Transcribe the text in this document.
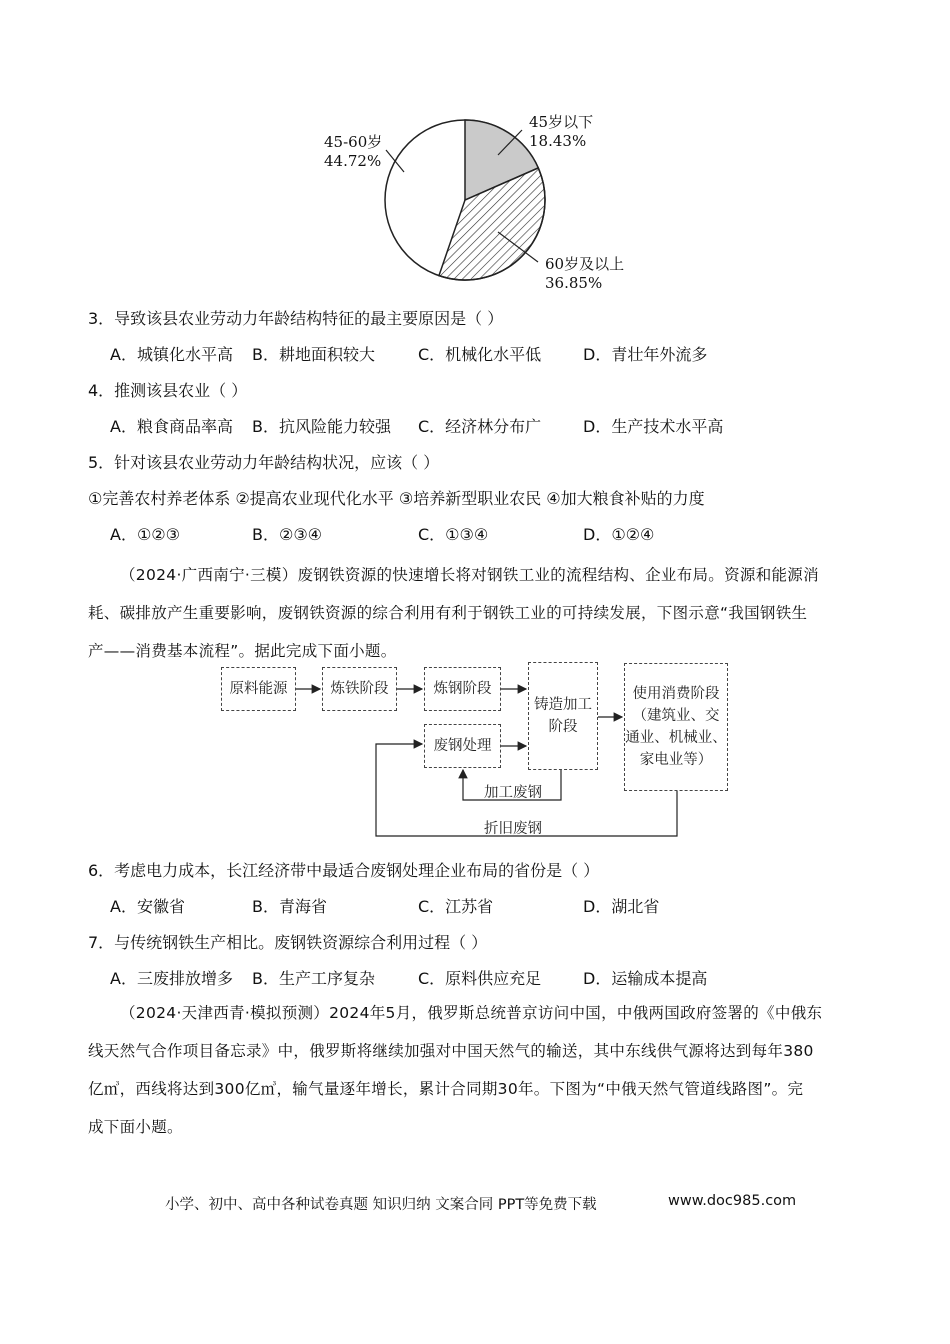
45-60岁
44.72%
45岁以下
18.43%
60岁及以上
36.85%
3．导致该县农业劳动力年龄结构特征的最主要原因是（ ）
A．城镇化水平高 B．耕地面积较大	C．机械化水平低	D．青壮年外流多
4．推测该县农业（ ）
A．粮食商品率高 B．抗风险能力较强 C．经济林分布广	D．生产技术水平高
5．针对该县农业劳动力年龄结构状况，应该（ ）
①完善农村养老体系 ②提高农业现代化水平 ③培养新型职业农民 ④加大粮食补贴的力度
A．①②③	B．②③④	C．①③④	D．①②④
（2024·广西南宁·三模）废钢铁资源的快速增长将对钢铁工业的流程结构、企业布局。资源和能源消
耗、碳排放产生重要影响，废钢铁资源的综合利用有利于钢铁工业的可持续发展，下图示意“我国钢铁生
产——消费基本流程”。据此完成下面小题。
原料能源	炼铁阶段	炼钢阶段
铸造加工
阶段
使用消费阶段
（建筑业、交
通业、机械业、
家电业等）
废钢处理
加工废钢
折旧废钢
6．考虑电力成本，长江经济带中最适合废钢处理企业布局的省份是（ ）
A．安徽省	B．青海省	C．江苏省	D．湖北省
7．与传统钢铁生产相比。废钢铁资源综合利用过程（ ）
A．三废排放增多 B．生产工序复杂	C．原料供应充足	D．运输成本提高
（2024·天津西青·模拟预测）2024年5月，俄罗斯总统普京访问中国，中俄两国政府签署的《中俄东
线天然气合作项目备忘录》中，俄罗斯将继续加强对中国天然气的输送，其中东线供气源将达到每年380
亿㎥，西线将达到300亿㎥，输气量逐年增长，累计合同期30年。下图为“中俄天然气管道线路图”。完
成下面小题。
小学、初中、高中各种试卷真题 知识归纳 文案合同 PPT等免费下载	www.doc985.com
